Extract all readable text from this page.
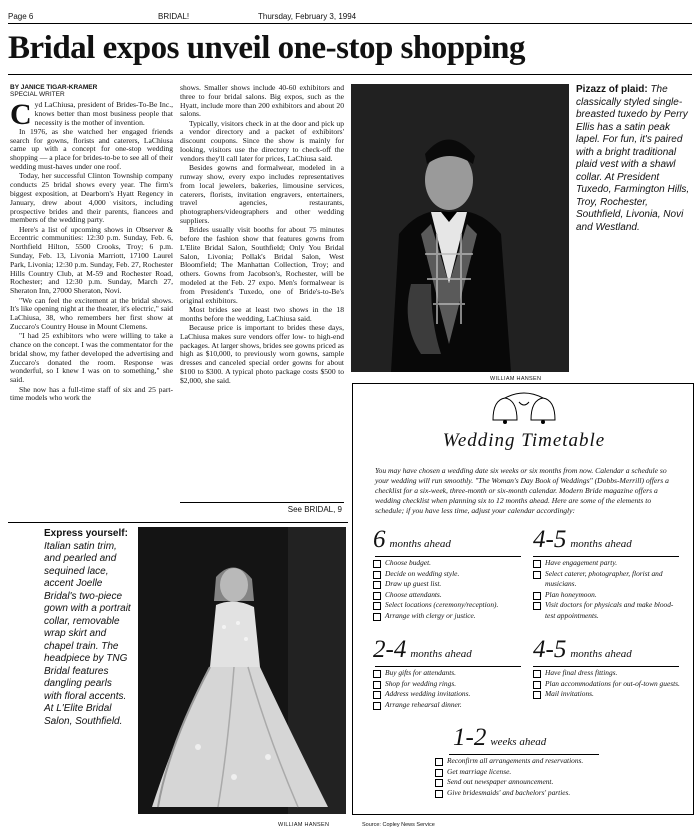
Page 6	BRIDAL!	Thursday, February 3, 1994
Bridal expos unveil one-stop shopping
BY JANICE TIGAR-KRAMER
SPECIAL WRITER
C yd LaChiusa, president of Brides-To-Be Inc., knows better than most business people that necessity is the mother of invention.

In 1976, as she watched her engaged friends search for gowns, florists and caterers, LaChiusa came up with a concept for one-stop wedding shopping — a place for brides-to-be to see all of their wedding must-haves under one roof.

Today, her successful Clinton Township company conducts 25 bridal shows every year. The firm's biggest exposition, at Dearborn's Hyatt Regency in January, drew about 4,000 visitors, including prospective brides and their parents, fiancees and members of the wedding party.

Here's a list of upcoming shows in Observer & Eccentric communities: 12:30 p.m. Sunday, Feb. 6, Northfield Hilton, 5500 Crooks, Troy; 6 p.m. Sunday, Feb. 13, Livonia Marriott, 17100 Laurel Park, Livonia; 12:30 p.m. Sunday, Feb. 27, Rochester Hills Country Club, at M-59 and Rochester Road, Rochester; and 12:30 p.m. Sunday, March 27, Sheraton Inn, 27000 Sheraton, Novi.

"We can feel the excitement at the bridal shows. It's like opening night at the theater, it's electric," said LaChiusa, 38, who remembers her first show at Zuccaro's Country House in Mount Clemens.

"I had 25 exhibitors who were willing to take a chance on the concept. I was the commentator for the bridal show, my father developed the advertising and Zuccaro's donated the room. Response was wonderful, so I knew I was on to something," she said.

She now has a full-time staff of six and 25 part-time models who work the

shows. Smaller shows include 40-60 exhibitors and three to four bridal salons. Big expos, such as the Hyatt, include more than 200 exhibitors and about 20 salons.

Typically, visitors check in at the door and pick up a vendor directory and a packet of exhibitors' discount coupons. Since the show is mainly for looking, visitors use the directory to check-off the vendors they'll call later for prices, LaChiusa said.

Besides gowns and formalwear, modeled in a runway show, every expo includes representatives from local jewelers, bakeries, limousine services, caterers, florists, invitation engravers, entertainers, travel agencies, restaurants, photographers/videographers and other wedding suppliers.

Brides usually visit booths for about 75 minutes before the fashion show that features gowns from L'Elite Bridal Salon, Southfield; Only You Bridal Salon, Livonia; Pollak's Bridal Salon, West Bloomfield; The Manhattan Collection, Troy; and others. Gowns from Jacobson's, Rochester, will be modeled at the Feb. 27 expo. Men's formalwear is from President's Tuxedo, one of Bride's-to-Be's original exhibitors.

Most brides see at least two shows in the 18 months before the wedding, LaChiusa said.

Because price is important to brides these days, LaChiusa makes sure vendors offer low- to high-end packages. At larger shows, brides see gowns priced as high as $10,000, to previously worn gowns, sample dresses and canceled special order gowns for about $100 to $300. A typical photo package costs $500 to $2,000, she said.

See BRIDAL, 9
WILLIAM HANSEN
Pizazz of plaid: The classically styled single-breasted tuxedo by Perry Ellis has a satin peak lapel. For fun, it's paired with a bright traditional plaid vest with a shawl collar. At President Tuxedo, Farmington Hills, Troy, Rochester, Southfield, Livonia, Novi and Westland.
Express yourself: Italian satin trim, and pearled and sequined lace, accent Joelle Bridal's two-piece gown with a portrait collar, removable wrap skirt and chapel train. The headpiece by TNG Bridal features dangling pearls with floral accents. At L'Elite Bridal Salon, Southfield.
WILLIAM HANSEN
Wedding Timetable
You may have chosen a wedding date six weeks or six months from now. Calendar a schedule so your wedding will run smoothly. "The Woman's Day Book of Weddings" (Dobbs-Merrill) offers a checklist for a six-week, three-month or six-month calendar. Modern Bride magazine offers a wedding checklist when planning six to 12 months ahead. Here are some of the elements to schedule; if you have less time, adjust your calendar accordingly:
6 months ahead
Choose budget.
Decide on wedding style.
Draw up guest list.
Choose attendants.
Select locations (ceremony/reception).
Arrange with clergy or justice.
4-5 months ahead
Have engagement party.
Select caterer, photographer, florist and musicians.
Plan honeymoon.
Visit doctors for physicals and make blood-test appointments.
2-4 months ahead
Buy gifts for attendants.
Shop for wedding rings.
Address wedding invitations.
Arrange rehearsal dinner.
4-5 months ahead
Have final dress fittings.
Plan accommodations for out-of-town guests.
Mail invitations.
1-2 weeks ahead
Reconfirm all arrangements and reservations.
Get marriage license.
Send out newspaper announcement.
Give bridesmaids' and bachelors' parties.
Source: Copley News Service
